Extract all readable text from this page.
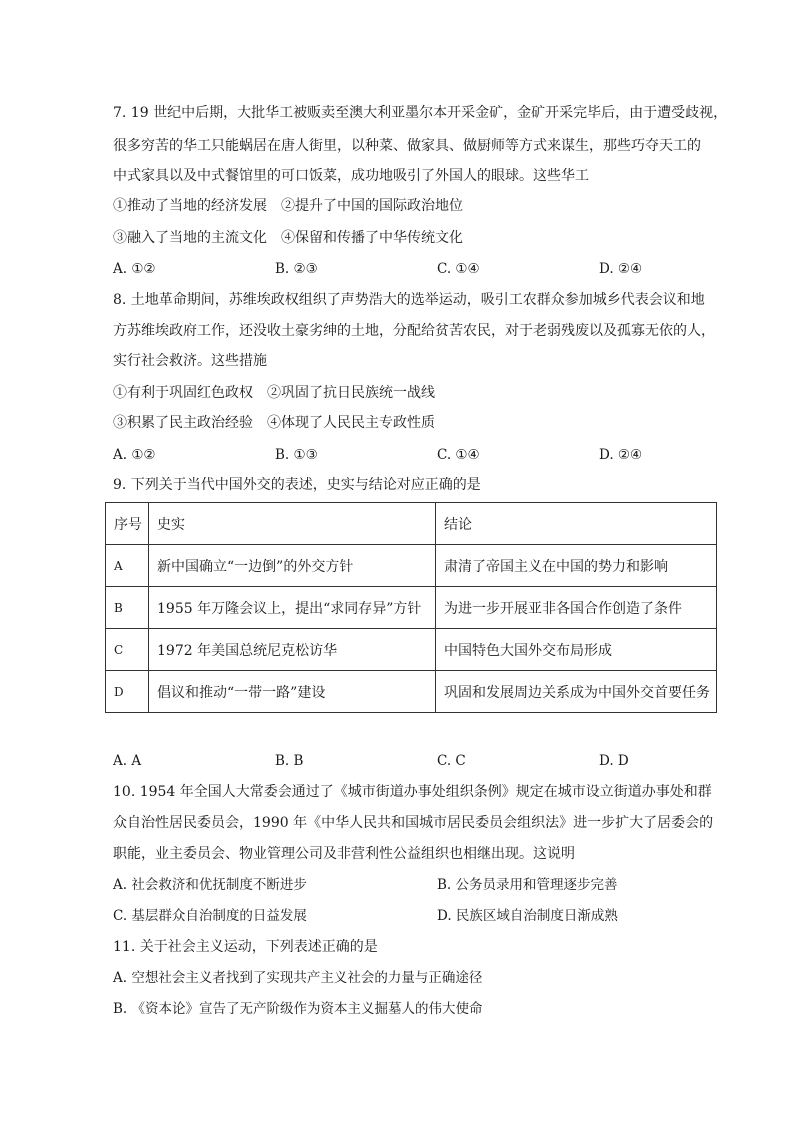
7. 19 世纪中后期，大批华工被贩卖至澳大利亚墨尔本开采金矿，金矿开采完毕后，由于遭受歧视，
很多穷苦的华工只能蜗居在唐人街里，以种菜、做家具、做厨师等方式来谋生，那些巧夺天工的
中式家具以及中式餐馆里的可口饭菜，成功地吸引了外国人的眼球。这些华工
①推动了当地的经济发展　②提升了中国的国际政治地位
③融入了当地的主流文化　④保留和传播了中华传统文化
A. ①②	B. ②③	C. ①④	D. ②④
8. 土地革命期间，苏维埃政权组织了声势浩大的选举运动，吸引工农群众参加城乡代表会议和地
方苏维埃政府工作，还没收土豪劣绅的土地，分配给贫苦农民，对于老弱残废以及孤寡无依的人，
实行社会救济。这些措施
①有利于巩固红色政权　②巩固了抗日民族统一战线
③积累了民主政治经验　④体现了人民民主专政性质
A. ①②	B. ①③	C. ①④	D. ②④
9. 下列关于当代中国外交的表述，史实与结论对应正确的是
序号	史实	结论
A	新中国确立“一边倒”的外交方针	肃清了帝国主义在中国的势力和影响
B	1955 年万隆会议上，提出“求同存异”方针	为进一步开展亚非各国合作创造了条件
C	1972 年美国总统尼克松访华	中国特色大国外交布局形成
D	倡议和推动“一带一路”建设	巩固和发展周边关系成为中国外交首要任务
A. A	B. B	C. C	D. D
10. 1954 年全国人大常委会通过了《城市街道办事处组织条例》规定在城市设立街道办事处和群
众自治性居民委员会，1990 年《中华人民共和国城市居民委员会组织法》进一步扩大了居委会的
职能，业主委员会、物业管理公司及非营利性公益组织也相继出现。这说明
A. 社会救济和优抚制度不断进步	B. 公务员录用和管理逐步完善
C. 基层群众自治制度的日益发展	D. 民族区域自治制度日渐成熟
11. 关于社会主义运动，下列表述正确的是
A. 空想社会主义者找到了实现共产主义社会的力量与正确途径
B. 《资本论》宣告了无产阶级作为资本主义掘墓人的伟大使命
